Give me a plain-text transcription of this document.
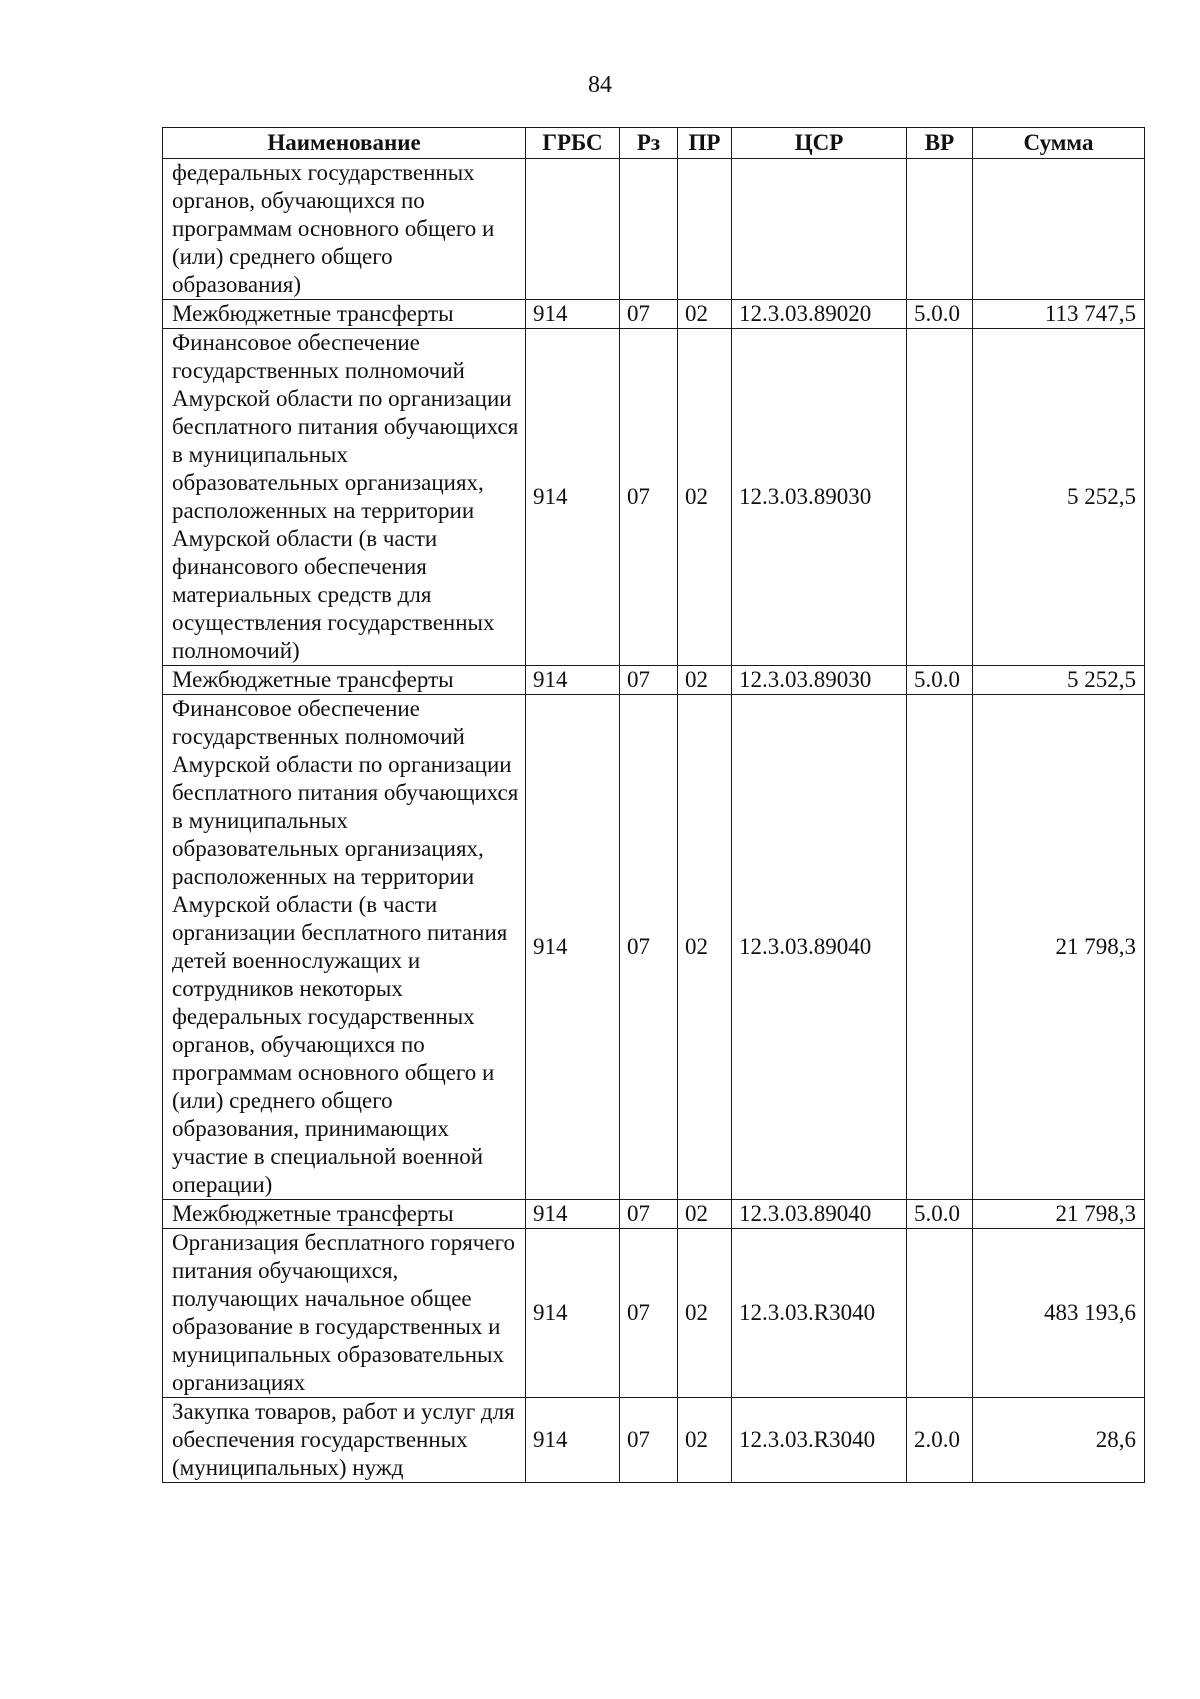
84
Наименование	ГРБС	Рз	ПР	ЦСР	ВР	Сумма
федеральных государственных органов, обучающихся по программам основного общего и (или) среднего общего образования)						
Межбюджетные трансферты	914	07	02	12.3.03.89020	5.0.0	113 747,5
Финансовое обеспечение государственных полномочий Амурской области по организации бесплатного питания обучающихся в муниципальных образовательных организациях, расположенных на территории Амурской области (в части финансового обеспечения материальных средств для осуществления государственных полномочий)	914	07	02	12.3.03.89030		5 252,5
Межбюджетные трансферты	914	07	02	12.3.03.89030	5.0.0	5 252,5
Финансовое обеспечение государственных полномочий Амурской области по организации бесплатного питания обучающихся в муниципальных образовательных организациях, расположенных на территории Амурской области (в части организации бесплатного питания детей военнослужащих и сотрудников некоторых федеральных государственных органов, обучающихся по программам основного общего и (или) среднего общего образования, принимающих участие в специальной военной операции)	914	07	02	12.3.03.89040		21 798,3
Межбюджетные трансферты	914	07	02	12.3.03.89040	5.0.0	21 798,3
Организация бесплатного горячего питания обучающихся, получающих начальное общее образование в государственных и муниципальных образовательных организациях	914	07	02	12.3.03.R3040		483 193,6
Закупка товаров, работ и услуг для обеспечения государственных (муниципальных) нужд	914	07	02	12.3.03.R3040	2.0.0	28,6
